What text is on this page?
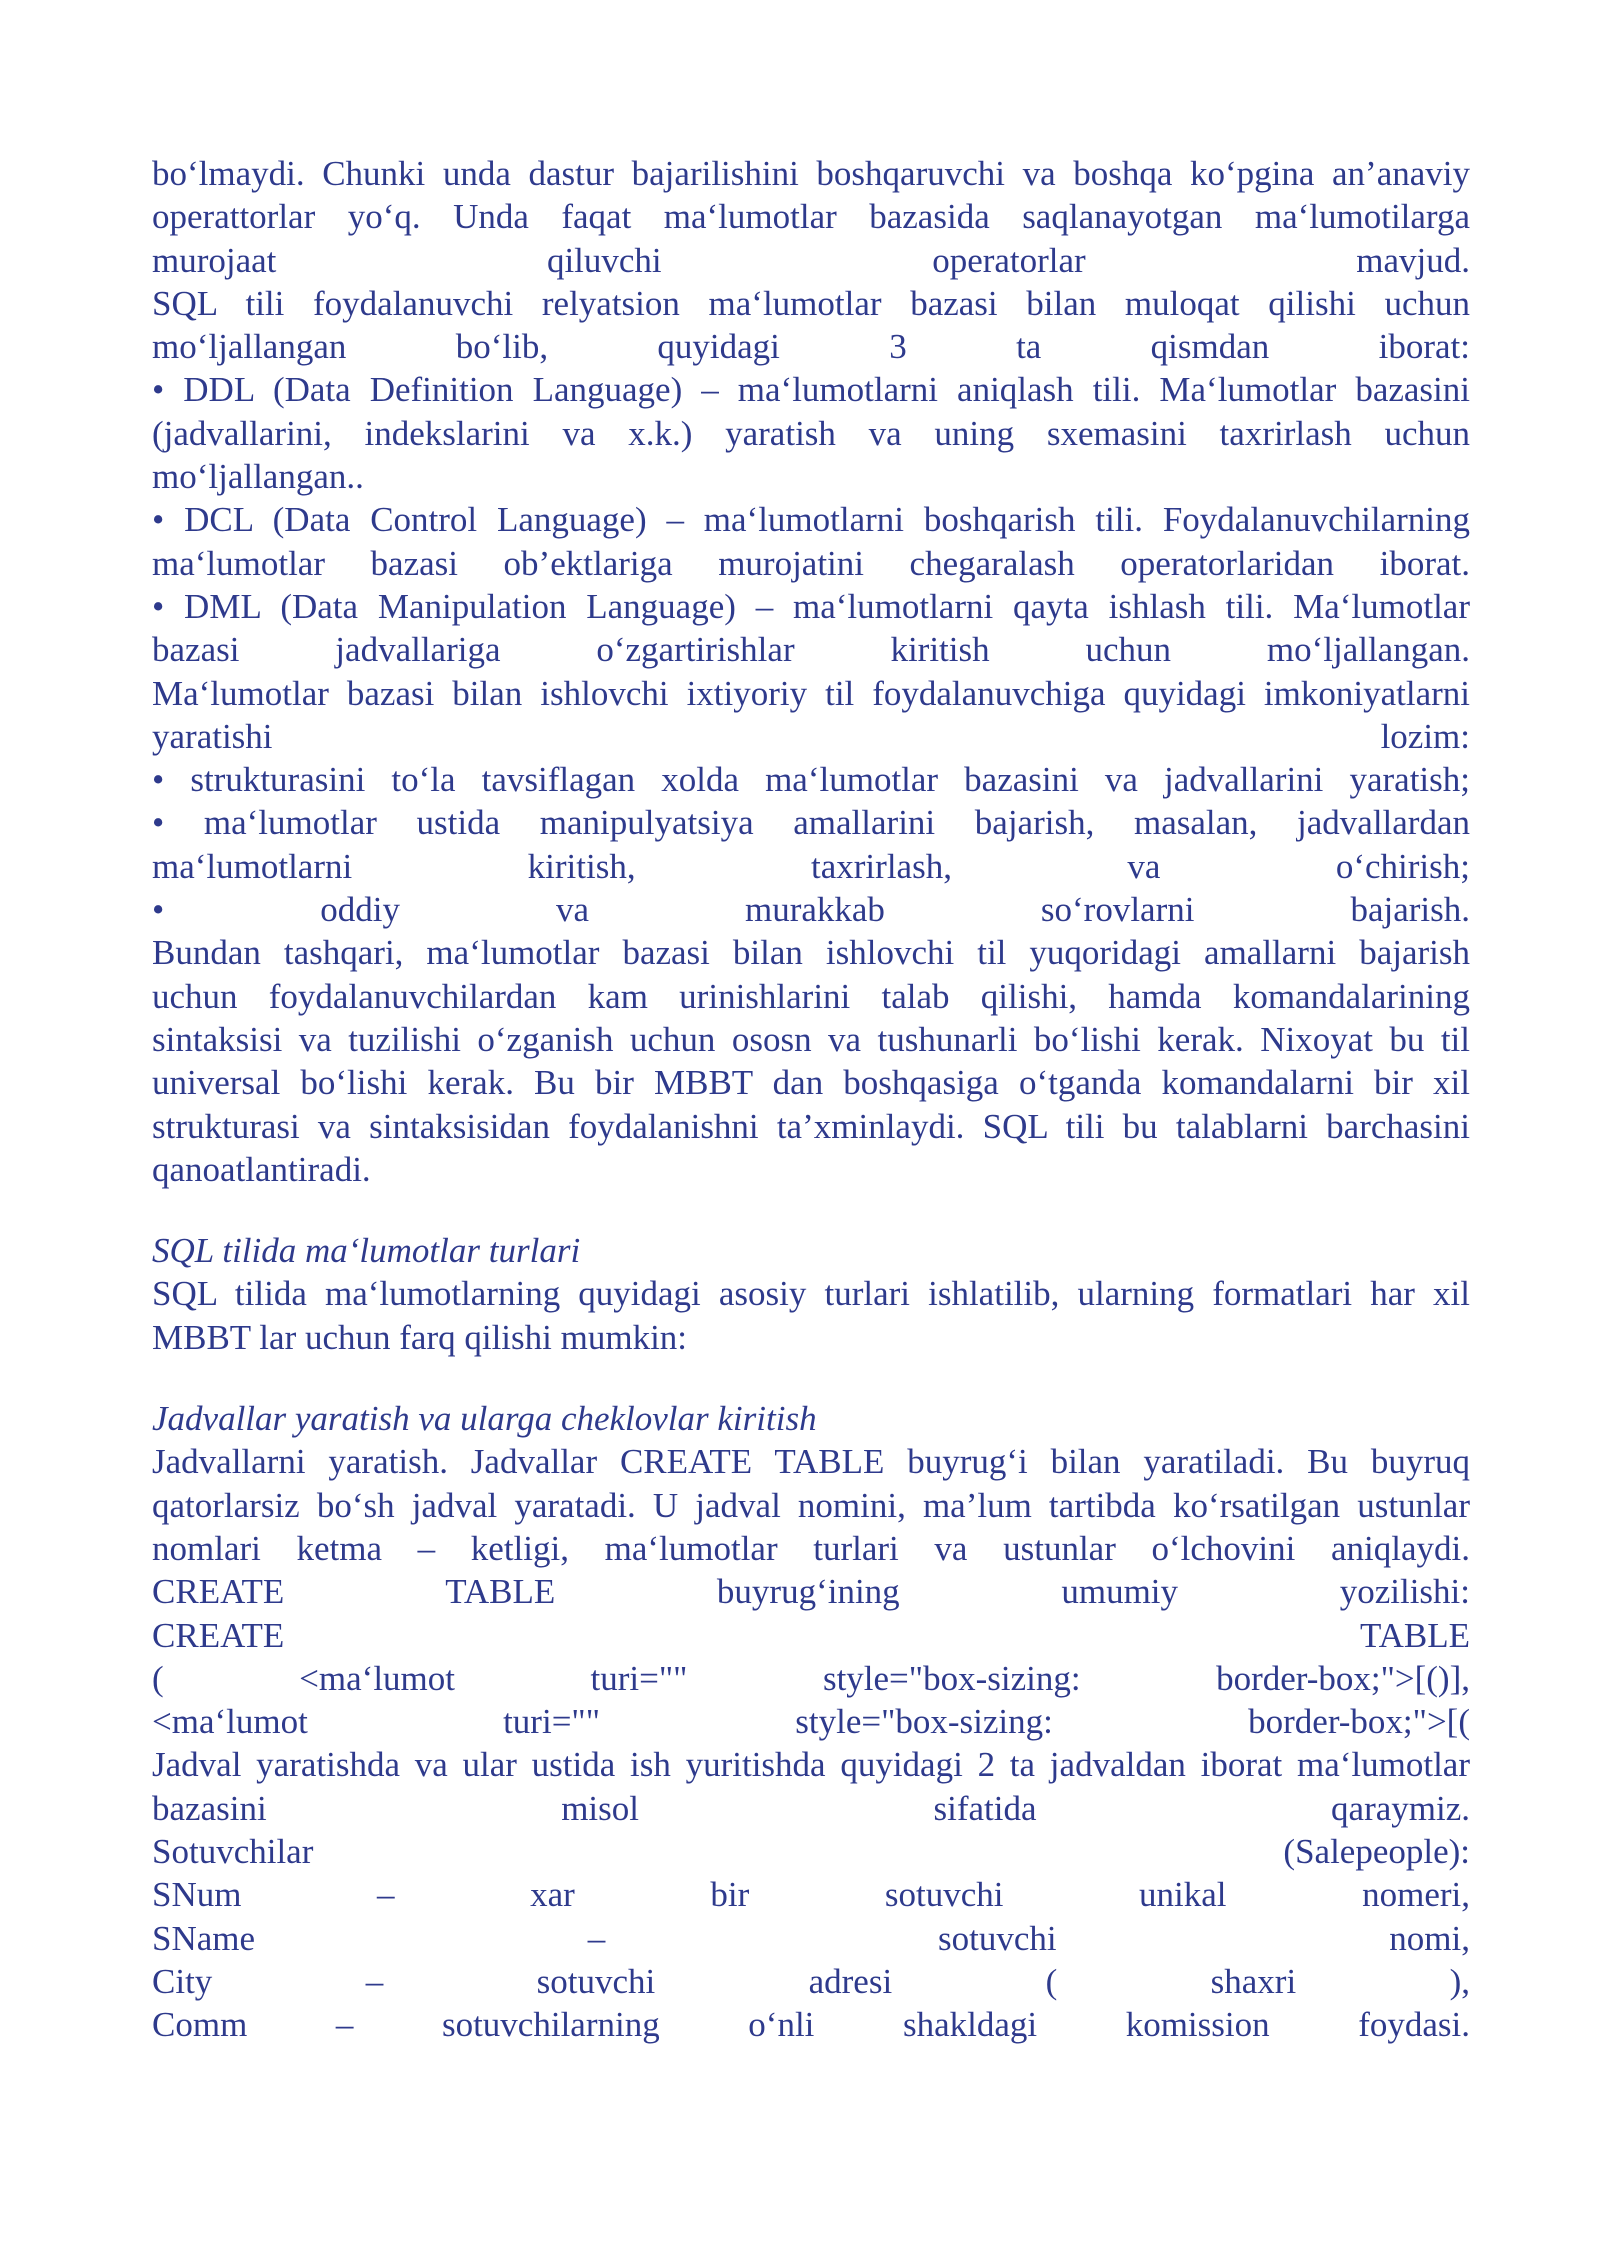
bo‘lmaydi. Chunki unda dastur bajarilishini boshqaruvchi va boshqa ko‘pgina an’anaviy
operattorlar yo‘q. Unda faqat ma‘lumotlar bazasida saqlanayotgan ma‘lumotilarga
murojaat qiluvchi operatorlar mavjud.
SQL tili foydalanuvchi relyatsion ma‘lumotlar bazasi bilan muloqat qilishi uchun
mo‘ljallangan bo‘lib, quyidagi 3 ta qismdan iborat:
• DDL (Data Definition Language) – ma‘lumotlarni aniqlash tili. Ma‘lumotlar bazasini
(jadvallarini, indekslarini va x.k.) yaratish va uning sxemasini taxrirlash uchun
mo‘ljallangan..
• DCL (Data Control Language) – ma‘lumotlarni boshqarish tili. Foydalanuvchilarning
ma‘lumotlar bazasi ob’ektlariga murojatini chegaralash operatorlaridan iborat.
• DML (Data Manipulation Language) – ma‘lumotlarni qayta ishlash tili. Ma‘lumotlar
bazasi jadvallariga o‘zgartirishlar kiritish uchun mo‘ljallangan.
Ma‘lumotlar bazasi bilan ishlovchi ixtiyoriy til foydalanuvchiga quyidagi imkoniyatlarni
yaratishi lozim:
• strukturasini to‘la tavsiflagan xolda ma‘lumotlar bazasini va jadvallarini yaratish;
• ma‘lumotlar ustida manipulyatsiya amallarini bajarish, masalan, jadvallardan
ma‘lumotlarni kiritish, taxrirlash, va o‘chirish;
• oddiy va murakkab so‘rovlarni bajarish.
Bundan tashqari, ma‘lumotlar bazasi bilan ishlovchi til yuqoridagi amallarni bajarish
uchun foydalanuvchilardan kam urinishlarini talab qilishi, hamda komandalarining
sintaksisi va tuzilishi o‘zganish uchun ososn va tushunarli bo‘lishi kerak. Nixoyat bu til
universal bo‘lishi kerak. Bu bir MBBT dan boshqasiga o‘tganda komandalarni bir xil
strukturasi va sintaksisidan foydalanishni ta’xminlaydi. SQL tili bu talablarni barchasini
qanoatlantiradi.
SQL tilida ma‘lumotlar turlari
SQL tilida ma‘lumotlarning quyidagi asosiy turlari ishlatilib, ularning formatlari har xil
MBBT lar uchun farq qilishi mumkin:
Jadvallar yaratish va ularga cheklovlar kiritish
Jadvallarni yaratish. Jadvallar CREATE TABLE buyrug‘i bilan yaratiladi. Bu buyruq
qatorlarsiz bo‘sh jadval yaratadi. U jadval nomini, ma’lum tartibda ko‘rsatilgan ustunlar
nomlari ketma – ketligi, ma‘lumotlar turlari va ustunlar o‘lchovini aniqlaydi.
CREATE TABLE buyrug‘ining umumiy yozilishi:
CREATE TABLE
( <ma‘lumot turi="" style="box-sizing: border-box;">[()],
<ma‘lumot turi="" style="box-sizing: border-box;">[(
Jadval yaratishda va ular ustida ish yuritishda quyidagi 2 ta jadvaldan iborat ma‘lumotlar
bazasini misol sifatida qaraymiz.
Sotuvchilar (Salepeople):
SNum – xar bir sotuvchi unikal nomeri,
SName – sotuvchi nomi,
City – sotuvchi adresi ( shaxri ),
Comm – sotuvchilarning o‘nli shakldagi komission foydasi.
